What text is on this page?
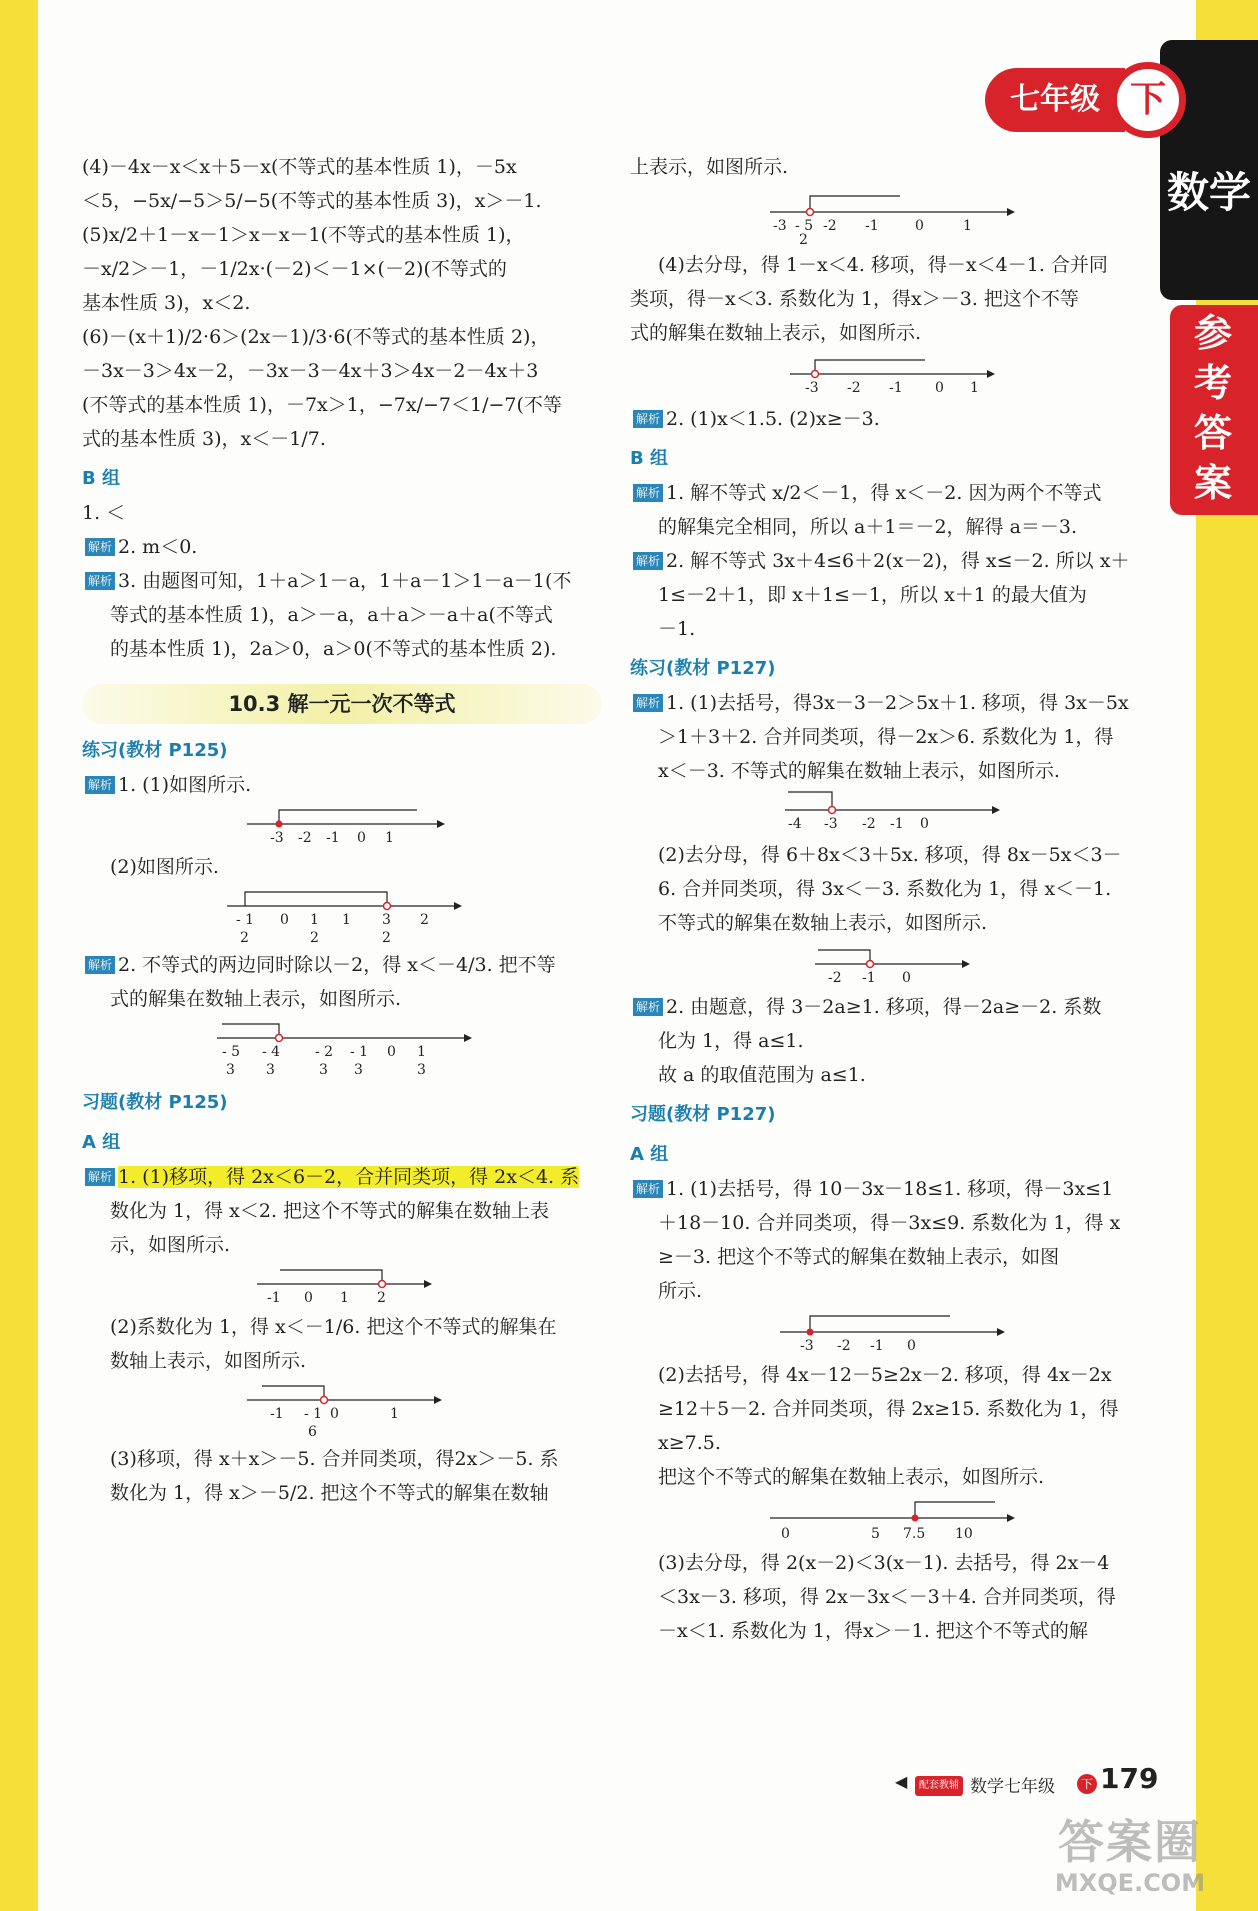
数学
参考答案
七年级 下

(4)－4x－x＜x＋5－x(不等式的基本性质 1)，－5x

＜5，−5x/−5＞5/−5(不等式的基本性质 3)，x＞－1.

(5)x/2＋1－x－1＞x－x－1(不等式的基本性质 1)，

－x/2＞－1，－1/2x·(－2)＜－1×(－2)(不等式的

基本性质 3)，x＜2.

(6)－(x＋1)/2·6＞(2x－1)/3·6(不等式的基本性质 2)，

－3x－3＞4x－2，－3x－3－4x＋3＞4x－2－4x＋3

(不等式的基本性质 1)，－7x＞1，−7x/−7＜1/−7(不等

式的基本性质 3)，x＜－1/7.

B 组

1. ＜

解析 2. m＜0.

解析 3. 由题图可知，1＋a＞1－a，1＋a－1＞1－a－1(不

等式的基本性质 1)，a＞－a，a＋a＞－a＋a(不等式

的基本性质 1)，2a＞0，a＞0(不等式的基本性质 2).

10.3 解一元一次不等式

练习(教材 P125)

解析 1. (1)如图所示.

-3 -2 -1 0 1

(2)如图所示.

- 1
2
0 1
2
1 3
2
2

解析 2. 不等式的两边同时除以－2，得 x＜－4/3. 把不等

式的解集在数轴上表示，如图所示.

- 5
3
- 4
3
- 2
3
- 1
3
0 1
3

习题(教材 P125)

A 组

解析 1. (1)移项，得 2x＜6－2，合并同类项，得 2x＜4. 系

数化为 1，得 x＜2. 把这个不等式的解集在数轴上表

示，如图所示.

-1 0 1 2

(2)系数化为 1，得 x＜－1/6. 把这个不等式的解集在

数轴上表示，如图所示.

-1 - 1 0
6
1

(3)移项，得 x＋x＞－5. 合并同类项，得2x＞－5. 系

数化为 1，得 x＞－5/2. 把这个不等式的解集在数轴

上表示，如图所示.

-3 - 5
2
-2 -1	0	1

(4)去分母，得 1－x＜4. 移项，得－x＜4－1. 合并同

类项，得－x＜3. 系数化为 1，得x＞－3. 把这个不等

式的解集在数轴上表示，如图所示.

-3 -2 -1 0 1

解析 2. (1)x＜1.5. (2)x≥－3.

B 组

解析 1. 解不等式 x/2＜－1，得 x＜－2. 因为两个不等式

的解集完全相同，所以 a＋1＝－2，解得 a＝－3.

解析 2. 解不等式 3x＋4≤6＋2(x－2)，得 x≤－2. 所以 x＋

1≤－2＋1，即 x＋1≤－1，所以 x＋1 的最大值为

－1.

练习(教材 P127)

解析 1. (1)去括号，得3x－3－2＞5x＋1. 移项，得 3x－5x

＞1＋3＋2. 合并同类项，得－2x＞6. 系数化为 1，得

x＜－3. 不等式的解集在数轴上表示，如图所示.

-4 -3 -2 -1 0

(2)去分母，得 6＋8x＜3＋5x. 移项，得 8x－5x＜3－

6. 合并同类项，得 3x＜－3. 系数化为 1，得 x＜－1.

不等式的解集在数轴上表示，如图所示.

-2 -1 0

解析 2. 由题意，得 3－2a≥1. 移项，得－2a≥－2. 系数

化为 1，得 a≤1.

故 a 的取值范围为 a≤1.

习题(教材 P127)

A 组

解析 1. (1)去括号，得 10－3x－18≤1. 移项，得－3x≤1

＋18－10. 合并同类项，得－3x≤9. 系数化为 1，得 x

≥－3. 把这个不等式的解集在数轴上表示，如图

所示.

-3 -2 -1 0

(2)去括号，得 4x－12－5≥2x－2. 移项，得 4x－2x

≥12＋5－2. 合并同类项，得 2x≥15. 系数化为 1，得

x≥7.5.

把这个不等式的解集在数轴上表示，如图所示.

0	5 7.5 10

(3)去分母，得 2(x－2)＜3(x－1). 去括号，得 2x－4

＜3x－3. 移项，得 2x－3x＜－3＋4. 合并同类项，得

－x＜1. 系数化为 1，得x＞－1. 把这个不等式的解

◀	配套教辅 数学七年级	下 179
答案圈
MXQE.COM
